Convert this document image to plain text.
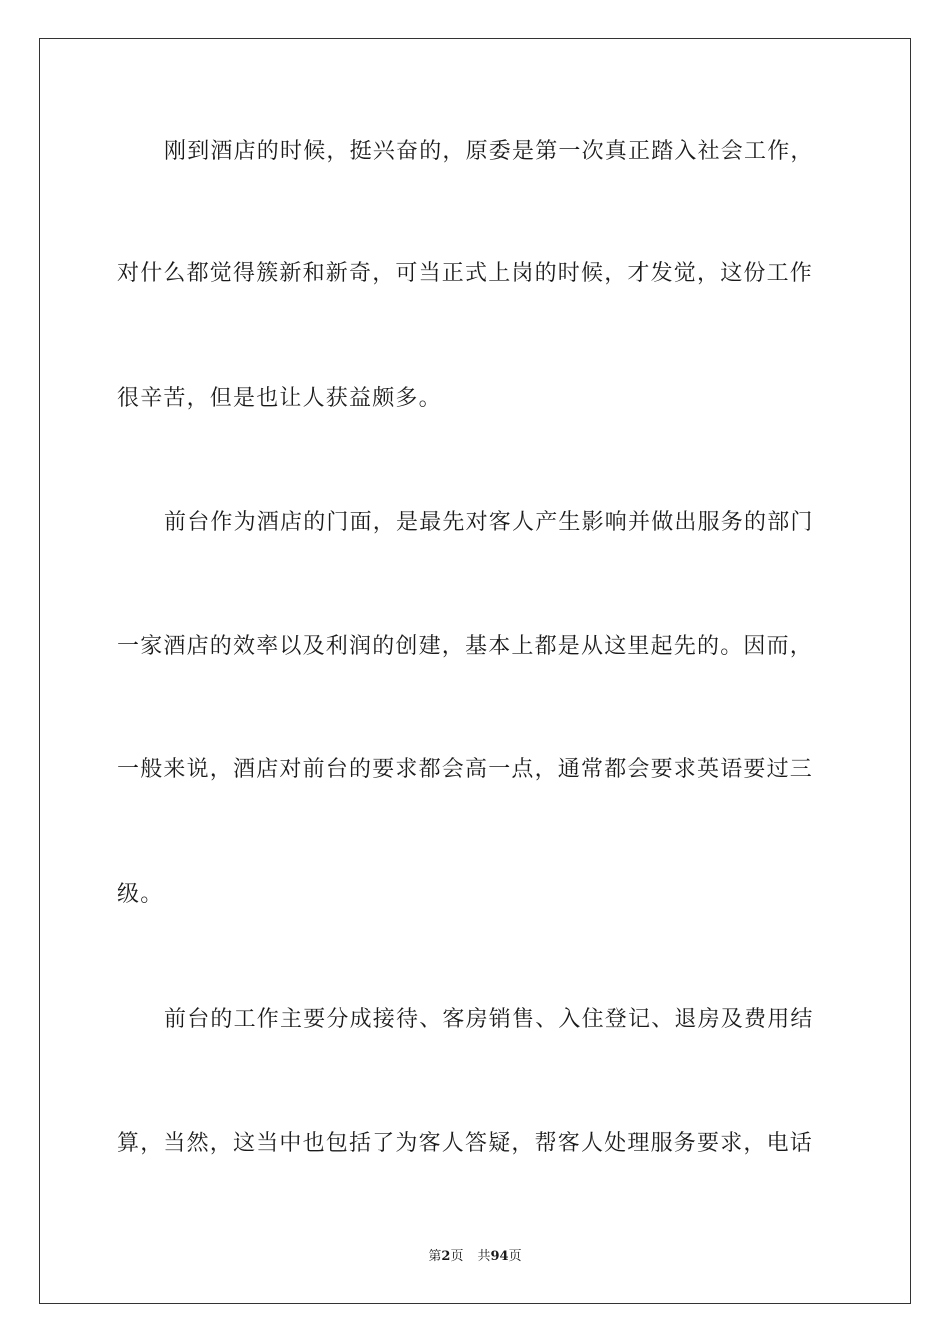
刚到酒店的时候，挺兴奋的，原委是第一次真正踏入社会工作，
对什么都觉得簇新和新奇，可当正式上岗的时候，才发觉，这份工作
很辛苦，但是也让人获益颇多。
前台作为酒店的门面，是最先对客人产生影响并做出服务的部门
一家酒店的效率以及利润的创建，基本上都是从这里起先的。因而，
一般来说，酒店对前台的要求都会高一点，通常都会要求英语要过三
级。
前台的工作主要分成接待、客房销售、入住登记、退房及费用结
算，当然，这当中也包括了为客人答疑，帮客人处理服务要求，电话
第2页 共94页
